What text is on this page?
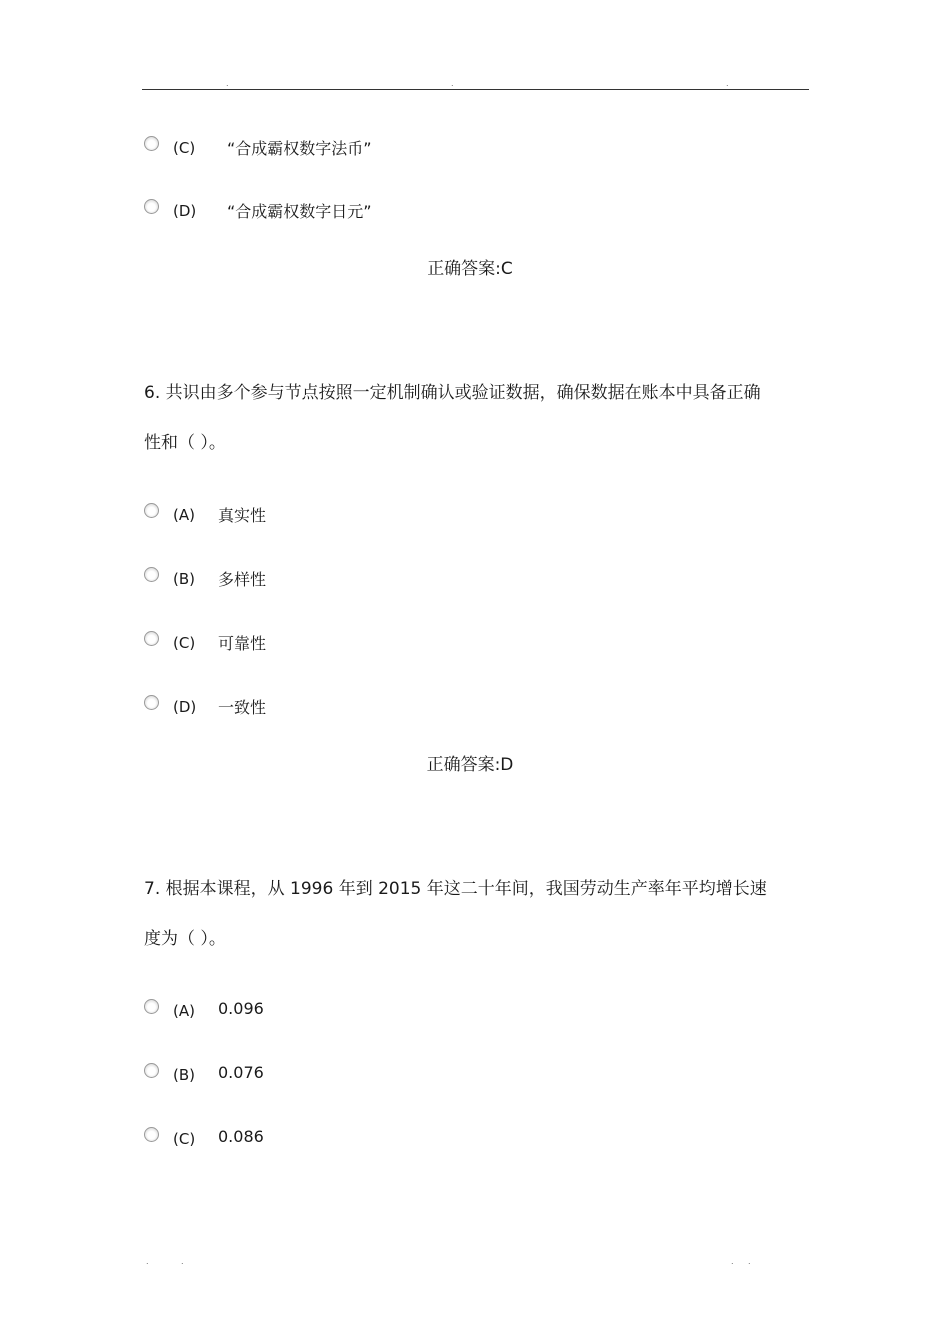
.	.	.
(C) “合成霸权数字法币”
(D) “合成霸权数字日元”
正确答案:C
6. 共识由多个参与节点按照一定机制确认或验证数据，确保数据在账本中具备正确
性和（ ）。
(A) 真实性
(B) 多样性
(C) 可靠性
(D) 一致性
正确答案:D
7. 根据本课程，从 1996 年到 2015 年这二十年间，我国劳动生产率年平均增长速
度为（ ）。
(A) 0.096
(B) 0.076
(C) 0.086
.	.	. .
